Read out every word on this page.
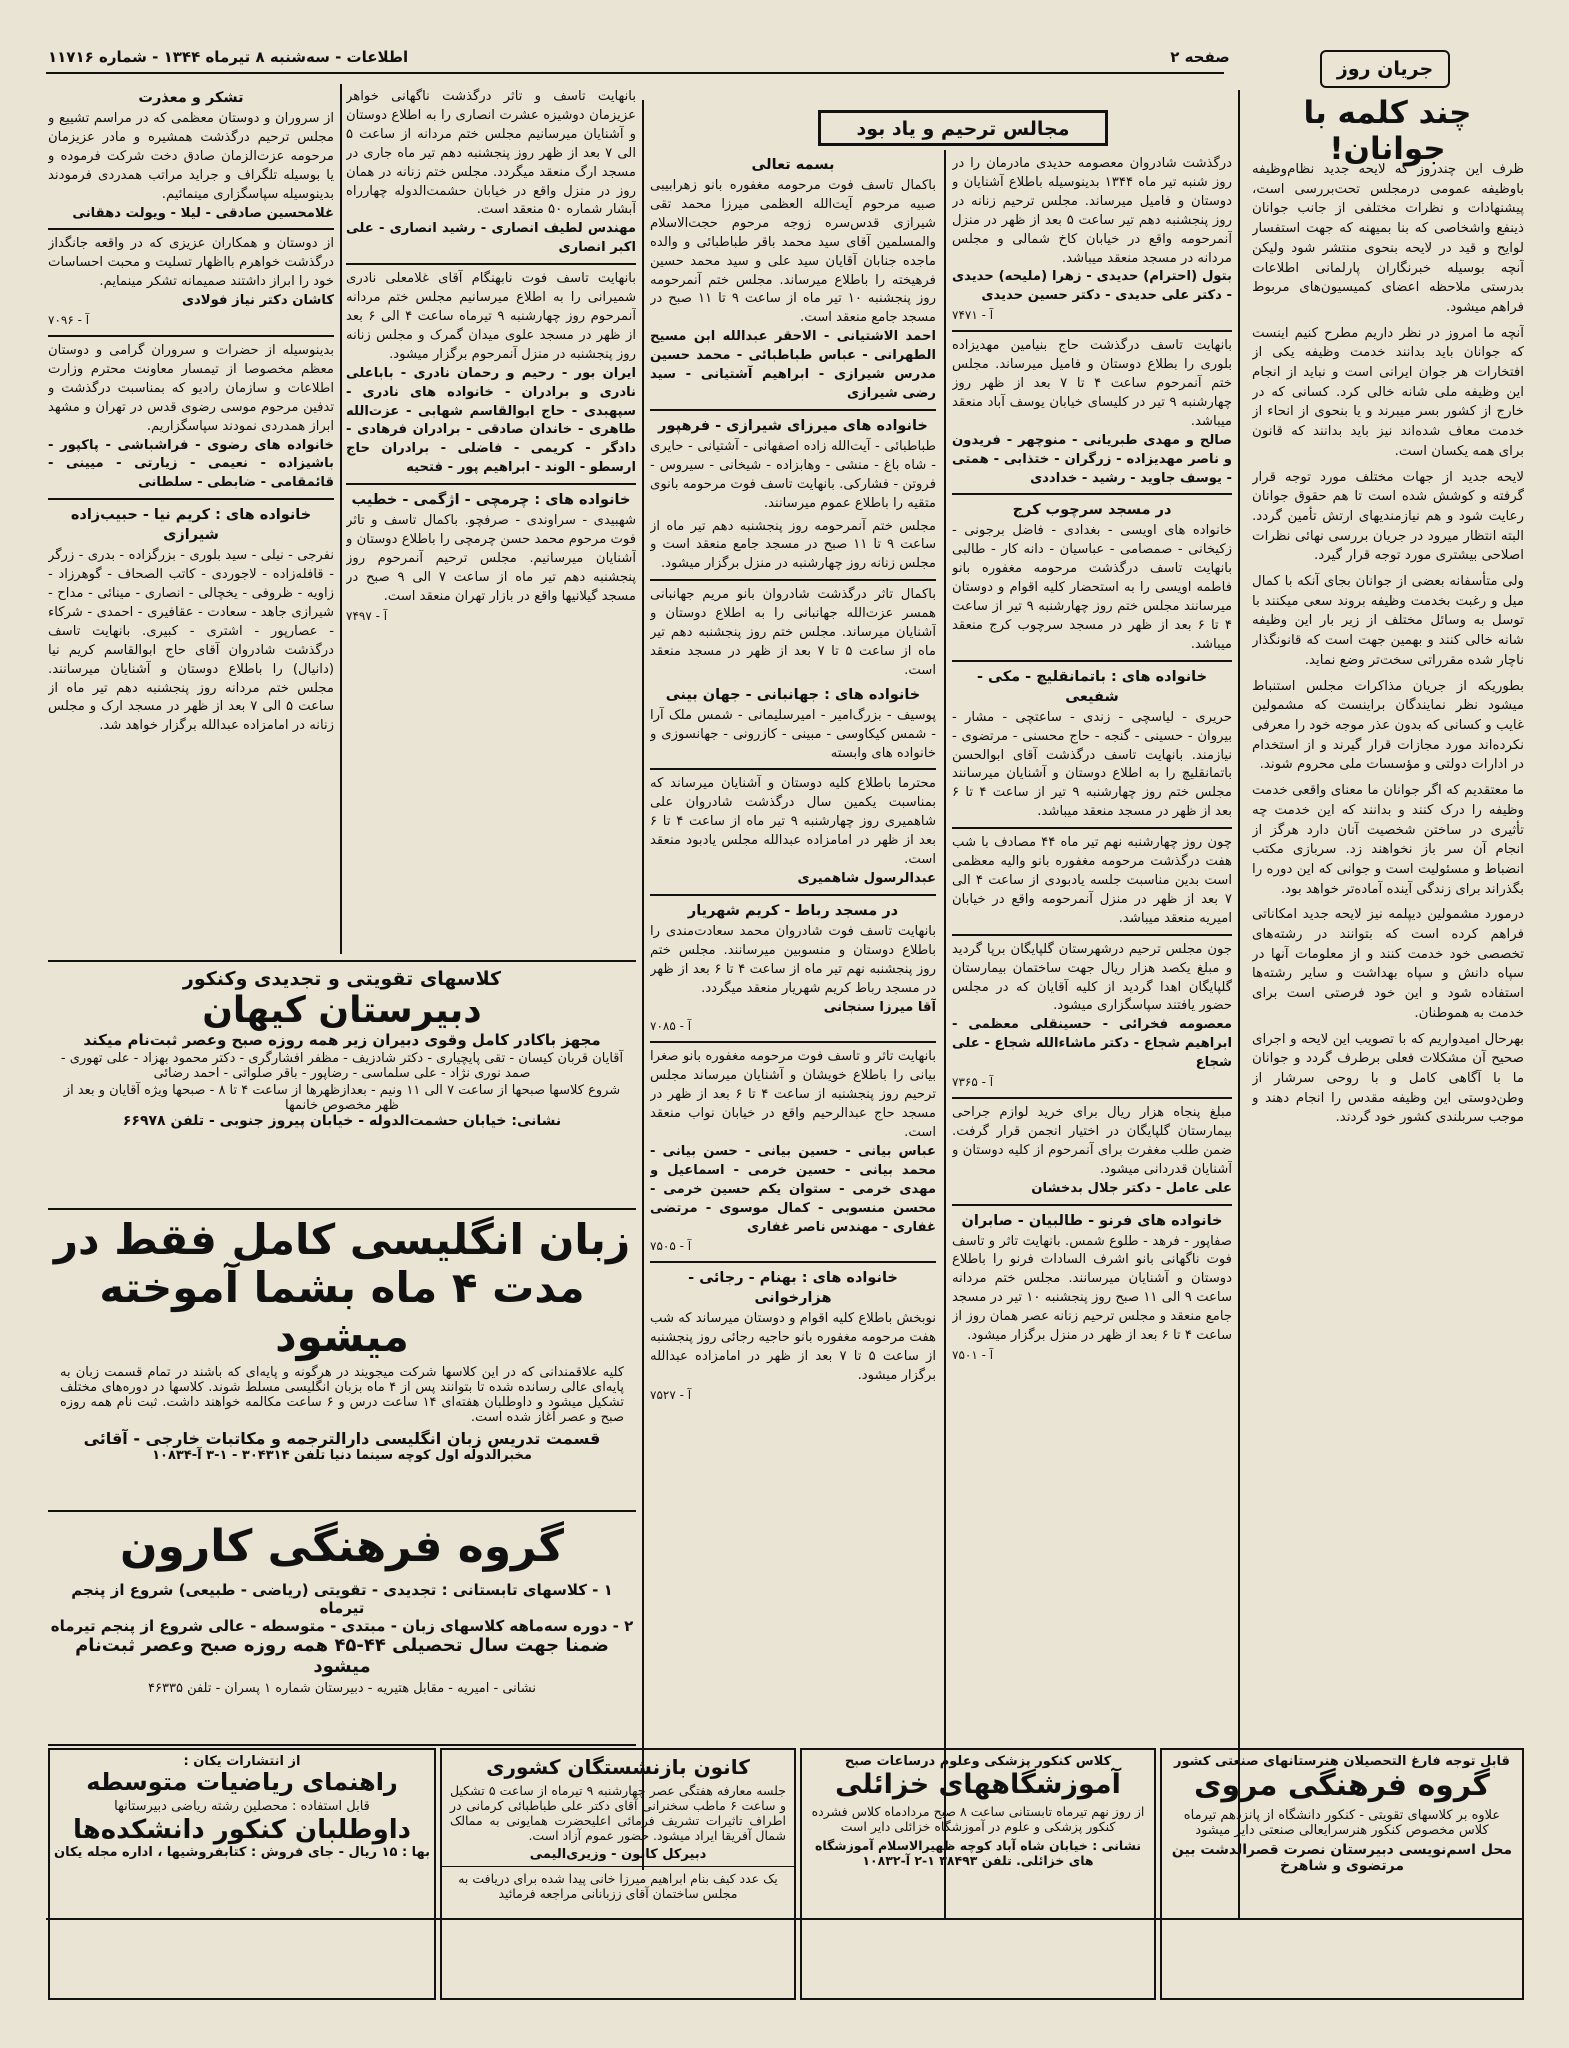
صفحه ۲
اطلاعات - سه‌شنبه ۸ تیرماه ۱۳۴۴ - شماره ۱۱۷۱۶
جریان روز
چند کلمه با جوانان!

ظرف این چندروز که لایحه جدید نظام‌وظیفه باوظیفه عمومی درمجلس تحت‌بررسی است، پیشنهادات و نظرات مختلفی از جانب جوانان ذینفع واشخاصی که بنا بمیهنه که جهت استفسار لوایح و قید در لایحه بنحوی منتشر شود ولیکن آنچه بوسیله خبرنگاران پارلمانی اطلاعات بدرستی ملاحظه اعضای کمیسیون‌های مربوط فراهم میشود.

آنچه ما امروز در نظر داریم مطرح کنیم اینست که جوانان باید بدانند خدمت وظیفه یکی از افتخارات هر جوان ایرانی است و نباید از انجام این وظیفه ملی شانه خالی کرد. کسانی که در خارج از کشور بسر میبرند و یا بنحوی از انحاء از خدمت معاف شده‌اند نیز باید بدانند که قانون برای همه یکسان است.

لایحه جدید از جهات مختلف مورد توجه قرار گرفته و کوشش شده است تا هم حقوق جوانان رعایت شود و هم نیازمندیهای ارتش تأمین گردد. البته انتظار میرود در جریان بررسی نهائی نظرات اصلاحی بیشتری مورد توجه قرار گیرد.

ولی متأسفانه بعضی از جوانان بجای آنکه با کمال میل و رغبت بخدمت وظیفه بروند سعی میکنند با توسل به وسائل مختلف از زیر بار این وظیفه شانه خالی کنند و بهمین جهت است که قانونگذار ناچار شده مقرراتی سخت‌تر وضع نماید.

بطوریکه از جریان مذاکرات مجلس استنباط میشود نظر نمایندگان براینست که مشمولین غایب و کسانی که بدون عذر موجه خود را معرفی نکرده‌اند مورد مجازات قرار گیرند و از استخدام در ادارات دولتی و مؤسسات ملی محروم شوند.

ما معتقدیم که اگر جوانان ما معنای واقعی خدمت وظیفه را درک کنند و بدانند که این خدمت چه تأثیری در ساختن شخصیت آنان دارد هرگز از انجام آن سر باز نخواهند زد. سربازی مکتب انضباط و مسئولیت است و جوانی که این دوره را بگذراند برای زندگی آینده آماده‌تر خواهد بود.

درمورد مشمولین دیپلمه نیز لایحه جدید امکاناتی فراهم کرده است که بتوانند در رشته‌های تخصصی خود خدمت کنند و از معلومات آنها در سپاه دانش و سپاه بهداشت و سایر رشته‌ها استفاده شود و این خود فرصتی است برای خدمت به هموطنان.

بهرحال امیدواریم که با تصویب این لایحه و اجرای صحیح آن مشکلات فعلی برطرف گردد و جوانان ما با آگاهی کامل و با روحی سرشار از وطن‌دوستی این وظیفه مقدس را انجام دهند و موجب سربلندی کشور خود گردند.

مجالس ترحیم و یاد بود
درگذشت شادروان معصومه حدیدی مادرمان را در روز شنبه تیر ماه ۱۳۴۴ بدینوسیله باطلاع آشنایان و دوستان و فامیل میرساند. مجلس ترحیم زنانه در روز پنجشنبه دهم تیر ساعت ۵ بعد از ظهر در منزل آنمرحومه واقع در خیابان کاخ شمالی و مجلس مردانه در مسجد منعقد میباشد.
بتول (احترام) حدیدی - زهرا (ملیحه) حدیدی - دکتر علی حدیدی - دکتر حسین حدیدی
آ - ۷۴۷۱
بانهایت تاسف درگذشت حاج بنیامین مهدیزاده بلوری را بطلاع دوستان و فامیل میرساند. مجلس ختم آنمرحوم ساعت ۴ تا ۷ بعد از ظهر روز چهارشنبه ۹ تیر در کلیسای خیابان یوسف آباد منعقد میباشد.
صالح و مهدی طبریانی - منوچهر - فریدون و ناصر مهدیزاده - زرگران - ختذابی - همتی - یوسف جاوید - رشید - خداددی
در مسجد سرچوب کرج
خانواده های اویسی - بغدادی - فاضل برجونی - زکیخانی - صمصامی - عباسیان - دانه کار - طالبی بانهایت تاسف درگذشت مرحومه مغفوره بانو فاطمه اویسی را به استحضار کلیه اقوام و دوستان میرسانند مجلس ختم روز چهارشنبه ۹ تیر از ساعت ۴ تا ۶ بعد از ظهر در مسجد سرچوب کرج منعقد میباشد.
خانواده های : باتمانقلیچ - مکی - شفیعی
حریری - لیاسچی - زندی - ساعتچی - مشار - بیروان - حسینی - گنجه - حاج محسنی - مرتضوی - نیازمند. بانهایت تاسف درگذشت آقای ابوالحسن باتمانقلیچ را به اطلاع دوستان و آشنایان میرسانند مجلس ختم روز چهارشنبه ۹ تیر از ساعت ۴ تا ۶ بعد از ظهر در مسجد منعقد میباشد.
چون روز چهارشنبه نهم تیر ماه ۴۴ مصادف با شب هفت درگذشت مرحومه مغفوره بانو والیه معظمی است بدین مناسبت جلسه یادبودی از ساعت ۴ الی ۷ بعد از ظهر در منزل آنمرحومه واقع در خیابان امیریه منعقد میباشد.
جون مجلس ترحیم درشهرستان گلپایگان برپا گردید و مبلغ یکصد هزار ریال جهت ساختمان بیمارستان گلپایگان اهدا گردید از کلیه آقایان که در مجلس حضور یافتند سپاسگزاری میشود.
معصومه فخرائی - حسینقلی معظمی - ابراهیم شجاع - دکتر ماشاءالله شجاع - علی شجاع
آ - ۷۳۶۵
مبلغ پنجاه هزار ریال برای خرید لوازم جراحی بیمارستان گلپایگان در اختیار انجمن قرار گرفت. ضمن طلب مغفرت برای آنمرحوم از کلیه دوستان و آشنایان قدردانی میشود.
علی عامل - دکتر جلال بدخشان
خانواده های فرنو - طالبیان - صابران
صفاپور - فرهد - طلوع شمس. بانهایت تاثر و تاسف فوت ناگهانی بانو اشرف السادات فرنو را باطلاع دوستان و آشنایان میرسانند. مجلس ختم مردانه ساعت ۹ الی ۱۱ صبح روز پنجشنبه ۱۰ تیر در مسجد جامع منعقد و مجلس ترحیم زنانه عصر همان روز از ساعت ۴ تا ۶ بعد از ظهر در منزل برگزار میشود.
آ - ۷۵۰۱
بسمه تعالی
باکمال تاسف فوت مرحومه مغفوره بانو زهرابیبی صبیه مرحوم آیت‌الله العظمی میرزا محمد تقی شیرازی قدس‌سره زوجه مرحوم حجت‌الاسلام والمسلمین آقای سید محمد باقر طباطبائی و والده ماجده جنابان آقایان سید علی و سید محمد حسین فرهیخته را باطلاع میرساند. مجلس ختم آنمرحومه روز پنجشنبه ۱۰ تیر ماه از ساعت ۹ تا ۱۱ صبح در مسجد جامع منعقد است.
احمد الاشتیانی - الاحقر عبدالله ابن مسیح الطهرانی - عباس طباطبائی - محمد حسین مدرس شیرازی - ابراهیم آشتیانی - سید رضی شیرازی
خانواده های میرزای شیرازی - فرهپور
طباطبائی - آیت‌الله زاده اصفهانی - آشتیانی - حایری - شاه باغ - منشی - وهابزاده - شیخانی - سیروس - فروتن - فشارکی. بانهایت تاسف فوت مرحومه بانوی متقیه را باطلاع عموم میرسانند.
مجلس ختم آنمرحومه روز پنجشنبه دهم تیر ماه از ساعت ۹ تا ۱۱ صبح در مسجد جامع منعقد است و مجلس زنانه روز چهارشنبه در منزل برگزار میشود.
باکمال تاثر درگذشت شادروان بانو مریم جهانبانی همسر عزت‌الله جهانبانی را به اطلاع دوستان و آشنایان میرساند. مجلس ختم روز پنجشنبه دهم تیر ماه از ساعت ۵ تا ۷ بعد از ظهر در مسجد منعقد است.
خانواده های : جهانبانی - جهان بینی
پوسیف - بزرگ‌امیر - امیرسلیمانی - شمس ملک آرا - شمس کیکاوسی - مبینی - کازرونی - جهانسوزی و خانواده های وابسته
محترما باطلاع کلیه دوستان و آشنایان میرساند که بمناسبت یکمین سال درگذشت شادروان علی شاهمیری روز چهارشنبه ۹ تیر ماه از ساعت ۴ تا ۶ بعد از ظهر در امامزاده عبدالله مجلس یادبود منعقد است.
عبدالرسول شاهمیری
در مسجد رباط - کریم شهریار
بانهایت تاسف فوت شادروان محمد سعادت‌مندی را باطلاع دوستان و منسوبین میرسانند. مجلس ختم روز پنجشنبه نهم تیر ماه از ساعت ۴ تا ۶ بعد از ظهر در مسجد رباط کریم شهریار منعقد میگردد.
آقا میرزا سنجانی
آ - ۷۰۸۵
بانهایت تاثر و تاسف فوت مرحومه مغفوره بانو صغرا بیانی را باطلاع خویشان و آشنایان میرساند مجلس ترحیم روز پنجشنبه از ساعت ۴ تا ۶ بعد از ظهر در مسجد حاج عبدالرحیم واقع در خیابان نواب منعقد است.
عباس بیانی - حسین بیانی - حسن بیانی - محمد بیانی - حسین خرمی - اسماعیل و مهدی خرمی - ستوان یکم حسین خرمی - محسن منسوبی - کمال موسوی - مرتضی غفاری - مهندس ناصر غفاری
آ - ۷۵۰۵
خانواده های : بهنام - رجائی - هزارخوانی
نوبخش باطلاع کلیه اقوام و دوستان میرساند که شب هفت مرحومه مغفوره بانو حاجیه رجائی روز پنجشنبه از ساعت ۵ تا ۷ بعد از ظهر در امامزاده عبدالله برگزار میشود.
آ - ۷۵۲۷
بانهایت تاسف و تاثر درگذشت ناگهانی خواهر عزیزمان دوشیزه عشرت انصاری را به اطلاع دوستان و آشنایان میرسانیم مجلس ختم مردانه از ساعت ۵ الی ۷ بعد از ظهر روز پنجشنبه دهم تیر ماه جاری در مسجد ارگ منعقد میگردد. مجلس ختم زنانه در همان روز در منزل واقع در خیابان حشمت‌الدوله چهارراه آبشار شماره ۵۰ منعقد است.
مهندس لطیف انصاری - رشید انصاری - علی اکبر انصاری
بانهایت تاسف فوت نابهنگام آقای غلامعلی نادری شمیرانی را به اطلاع میرسانیم مجلس ختم مردانه آنمرحوم روز چهارشنبه ۹ تیرماه ساعت ۴ الی ۶ بعد از ظهر در مسجد علوی میدان گمرک و مجلس زنانه روز پنجشنبه در منزل آنمرحوم برگزار میشود.
ایران بور - رحیم و رحمان نادری - باباعلی نادری و برادران - خانواده های نادری - سپهبدی - حاج ابوالقاسم شهابی - عزت‌الله طاهری - خاندان صادقی - برادران فرهادی - دادگر - کریمی - فاضلی - برادران حاج ارسطو - الوند - ابراهیم پور - فتحیه
خانواده های : چرمچی - اژگمی - خطیب
شهبیدی - سراوندی - صرفچو. باکمال تاسف و تاثر فوت مرحوم محمد حسن چرمچی را باطلاع دوستان و آشنایان میرسانیم. مجلس ترحیم آنمرحوم روز پنجشنبه دهم تیر ماه از ساعت ۷ الی ۹ صبح در مسجد گیلانیها واقع در بازار تهران منعقد است.
آ - ۷۴۹۷
تشکر و معذرت
از سروران و دوستان معظمی که در مراسم تشییع و مجلس ترحیم درگذشت همشیره و مادر عزیزمان مرحومه عزت‌الزمان صادق دخت شرکت فرموده و یا بوسیله تلگراف و جراید مراتب همدردی فرمودند بدینوسیله سپاسگزاری مینمائیم.
غلامحسین صادقی - لیلا - ویولت دهقانی
از دوستان و همکاران عزیزی که در واقعه جانگداز درگذشت خواهرم بااظهار تسلیت و محبت احساسات خود را ابراز داشتند صمیمانه تشکر مینمایم.
کاشان دکتر نیاز فولادی
آ - ۷۰۹۶
بدینوسیله از حضرات و سروران گرامی و دوستان معظم مخصوصا از تیمسار معاونت محترم وزارت اطلاعات و سازمان رادیو که بمناسبت درگذشت و تدفین مرحوم موسی رضوی قدس در تهران و مشهد ابراز همدردی نمودند سپاسگزاریم.
خانواده های رضوی - فراشباشی - پاکپور - باشیزاده - نعیمی - زیارتی - میینی - قائمقامی - ضابطی - سلطانی
خانواده های : کریم نیا - حبیب‌زاده شیرازی
نفرجی - نیلی - سید بلوری - بزرگزاده - بدری - زرگر - قافله‌زاده - لاجوردی - کاتب الصحاف - گوهرزاد - زاویه - ظروفی - یخچالی - انصاری - مینائی - مداح - شیرازی جاهد - سعادت - عقافیری - احمدی - شرکاء - عصارپور - اشتری - کبیری. بانهایت تاسف درگذشت شادروان آقای حاج ابوالقاسم کریم نیا (دانیال) را باطلاع دوستان و آشنایان میرسانند. مجلس ختم مردانه روز پنجشنبه دهم تیر ماه از ساعت ۵ الی ۷ بعد از ظهر در مسجد ارک و مجلس زنانه در امامزاده عبدالله برگزار خواهد شد.
کلاسهای تقویتی و تجدیدی وکنکور
دبیرستان کیهان
مجهز باکادر کامل وقوی دبیران زیر همه روزه صبح وعصر ثبت‌نام میکند
آقایان قربان کیسان - تقی پایچیاری - دکتر شادزیف - مظفر افشارگری - دکتر محمود بهزاد - علی تهوری - صمد نوری نژاد - علی سلماسی - رضاپور - باقر صلواتی - احمد رضائی
شروع کلاسها صبحها از ساعت ۷ الی ۱۱ ونیم - بعدازظهرها از ساعت ۴ تا ۸ - صبحها ویژه آقایان و بعد از ظهر مخصوص خانمها
نشانی: خیابان حشمت‌الدوله - خیابان پیروز جنوبی - تلفن ۶۶۹۷۸
زبان انگلیسی کامل فقط در
مدت ۴ ماه بشما آموخته میشود
کلیه علاقمندانی که در این کلاسها شرکت میجویند در هرگونه و پایه‌ای که باشند در تمام قسمت زبان به پایه‌ای عالی رسانده شده تا بتوانند پس از ۴ ماه بزبان انگلیسی مسلط شوند. کلاسها در دوره‌های مختلف تشکیل میشود و داوطلبان هفته‌ای ۱۴ ساعت درس و ۶ ساعت مکالمه خواهند داشت. ثبت نام همه روزه صبح و عصر آغاز شده است.
قسمت تدریس زبان انگلیسی دارالترجمه و مکاتبات خارجی - آقائی
مخبرالدوله اول کوچه سینما دنیا تلفن ۳۰۴۳۱۴ - ۱-۳ آ-۱۰۸۳۴
گروه فرهنگی کارون
۱ - کلاسهای تابستانی : تجدیدی - تقویتی (ریاضی - طبیعی) شروع از پنجم تیرماه
۲ - دوره سه‌ماهه کلاسهای زبان - مبتدی - متوسطه - عالی شروع از پنجم تیرماه
ضمنا جهت سال تحصیلی ۴۴-۴۵ همه روزه صبح وعصر ثبت‌نام میشود
نشانی - امیریه - مقابل هتیریه - دبیرستان شماره ۱ پسران - تلفن ۴۶۳۳۵
قابل توجه فارغ التحصیلان هنرستانهای صنعتی کشور
گروه فرهنگی مروی
علاوه بر کلاسهای تقویتی - کنکور دانشگاه از پانزدهم تیرماه کلاس مخصوص کنکور هنرسرایعالی صنعتی دایر میشود
محل اسم‌نویسی دبیرستان نصرت قصرالدشت بین مرتضوی و شاهرخ
کلاس کنکور پزشکی وعلوم درساعات صبح
آموزشگاههای خزائلی
از روز نهم تیرماه تابستانی ساعت ۸ صبح مردادماه کلاس فشرده کنکور پزشکی و علوم در آموزشگاه خزائلی دایر است
نشانی : خیابان شاه آباد کوچه ظهیرالاسلام آموزشگاه های خزائلی. تلفن ۳۸۴۹۳ ۱-۲ آ-۱۰۸۳۲
کانون بازنشستگان کشوری
جلسه معارفه هفتگی عصر چهارشنبه ۹ تیرماه از ساعت ۵ تشکیل و ساعت ۶ ماطب سخنرانی آقای دکتر علی طباطبائی کرمانی در اطراف تاثیرات تشریف فرمائی اعلیحضرت همایونی به ممالک شمال آفریقا ایراد میشود. حضور عموم آزاد است.
دبیرکل کانون - وزیری‌الیمی
یک عدد کیف بنام ابراهیم میرزا خانی پیدا شده برای دریافت به مجلس ساختمان آقای ززبانانی مراجعه فرمائید
از انتشارات یکان :
راهنمای ریاضیات متوسطه
قابل استفاده : محصلین رشته ریاضی دبیرستانها
داوطلبان کنکور دانشکده‌ها
بها : ۱۵ ریال - جای فروش : کتابفروشیها ، اداره مجله یکان
